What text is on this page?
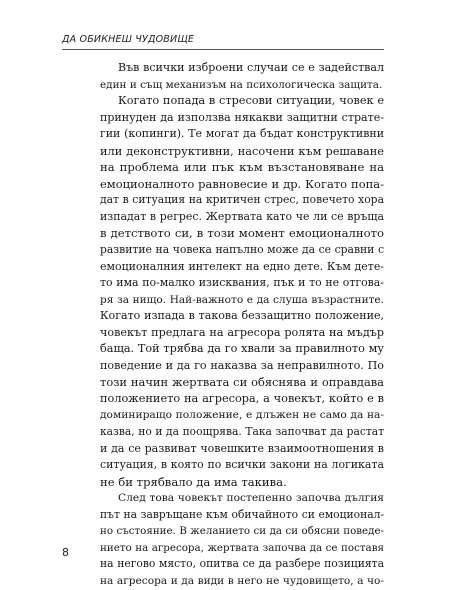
ДА ОБИКНЕШ ЧУДОВИЩЕ
Във всички изброени случаи се е задействал
един и същ механизъм на психологическа защита.
Когато попада в стресови ситуации, човек е
принуден да използва някакви защитни страте-
гии (копинги). Те могат да бъдат конструктивни
или деконструктивни, насочени към решаване
на проблема или пък към възстановяване на
емоционалното равновесие и др. Когато попа-
дат в ситуация на критичен стрес, повечето хора
изпадат в регрес. Жертвата като че ли се връща
в детството си, в този момент емоционалното
развитие на човека напълно може да се сравни с
емоционалния интелект на едно дете. Към дете-
то има по-малко изисквания, пък и то не отгова-
ря за нищо. Най-важното е да слуша възрастните.
Когато изпада в такова беззащитно положение,
човекът предлага на агресора ролята на мъдър
баща. Той трябва да го хвали за правилното му
поведение и да го наказва за неправилното. По
този начин жертвата си обяснява и оправдава
положението на агресора, а човекът, който е в
доминиращо положение, е длъжен не само да на-
казва, но и да поощрява. Така започват да растат
и да се развиват човешките взаимоотношения в
ситуация, в която по всички закони на логиката
не би трябвало да има такива.
След това човекът постепенно започва дългия
път на завръщане към обичайното си емоционал-
но състояние. В желанието си да си обясни поведе-
нието на агресора, жертвата започва да се поставя
на негово място, опитва се да разбере позицията
на агресора и да види в него не чудовището, а чо-
8
